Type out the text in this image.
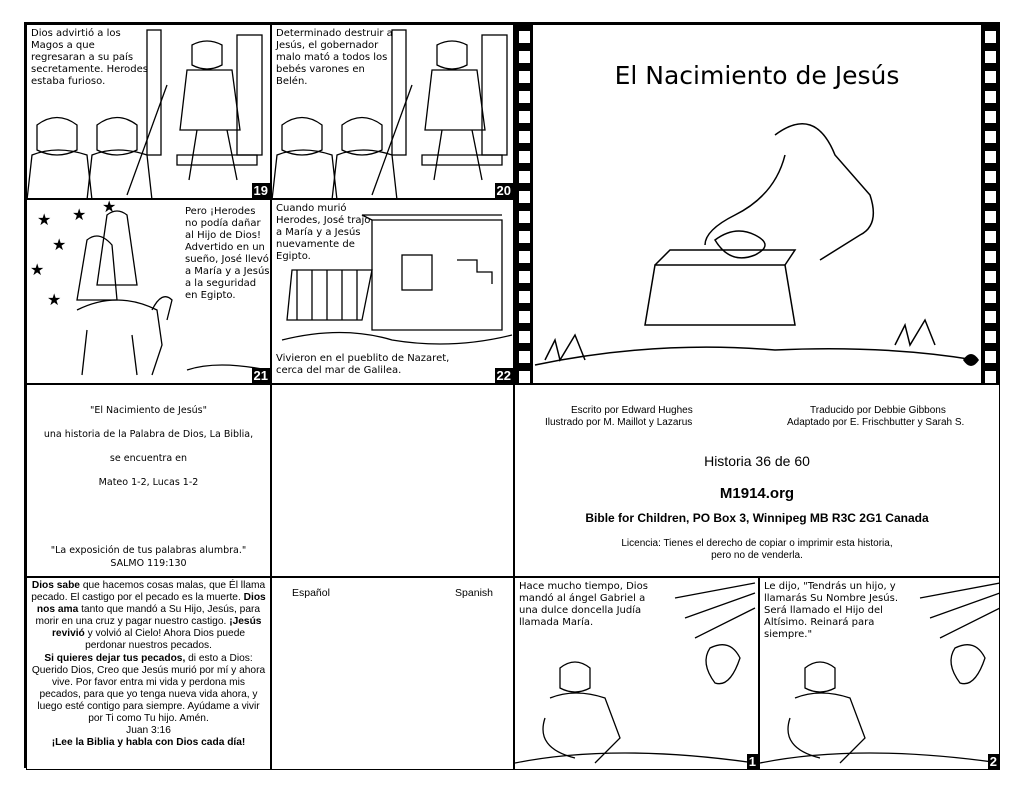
Dios advirtió a los Magos a que regresaran a su país secretamente. Herodes estaba furioso.
19
Determinado destruir a Jesús, el gobernador malo mató a todos los bebés varones en Belén.
20
★ ★ ★
★
★
★
Pero ¡Herodes no podía dañar al Hijo de Dios! Advertido en un sueño, José llevó a María y a Jesús a la seguridad en Egipto.
21
Cuando murió Herodes, José trajo a María y a Jesús nuevamente de Egipto.
Vivieron en el pueblito de Nazaret, cerca del mar de Galilea.	22
El Nacimiento de Jesús
"El Nacimiento de Jesús"
una historia de la Palabra de Dios, La Biblia,
se encuentra en
Mateo 1-2, Lucas 1-2
"La exposición de tus palabras alumbra."
SALMO 119:130
Escrito por Edward Hughes
Ilustrado por M. Maillot y Lazarus
Traducido por Debbie Gibbons
Adaptado por E. Frischbutter y Sarah S.
Historia 36 de 60
M1914.org
Bible for Children, PO Box 3, Winnipeg MB R3C 2G1 Canada
Licencia: Tienes el derecho de copiar o imprimir esta historia,
pero no de venderla.

Dios sabe que hacemos cosas malas, que Él llama pecado. El castigo por el pecado es la muerte. Dios nos ama tanto que mandó a Su Hijo, Jesús, para morir en una cruz y pagar nuestro castigo. ¡Jesús revivió y volvió al Cielo! Ahora Dios puede perdonar nuestros pecados.
Si quieres dejar tus pecados, di esto a Dios: Querido Dios, Creo que Jesús murió por mí y ahora vive. Por favor entra mi vida y perdona mis pecados, para que yo tenga nueva vida ahora, y luego esté contigo para siempre. Ayúdame a vivir por Ti como Tu hijo. Amén.
Juan 3:16
¡Lee la Biblia y habla con Dios cada día!

Español	Spanish
Hace mucho tiempo, Dios mandó al ángel Gabriel a una dulce doncella Judía llamada María.
1
Le dijo, "Tendrás un hijo, y llamarás Su Nombre Jesús. Será llamado el Hijo del Altísimo. Reinará para siempre."
2
